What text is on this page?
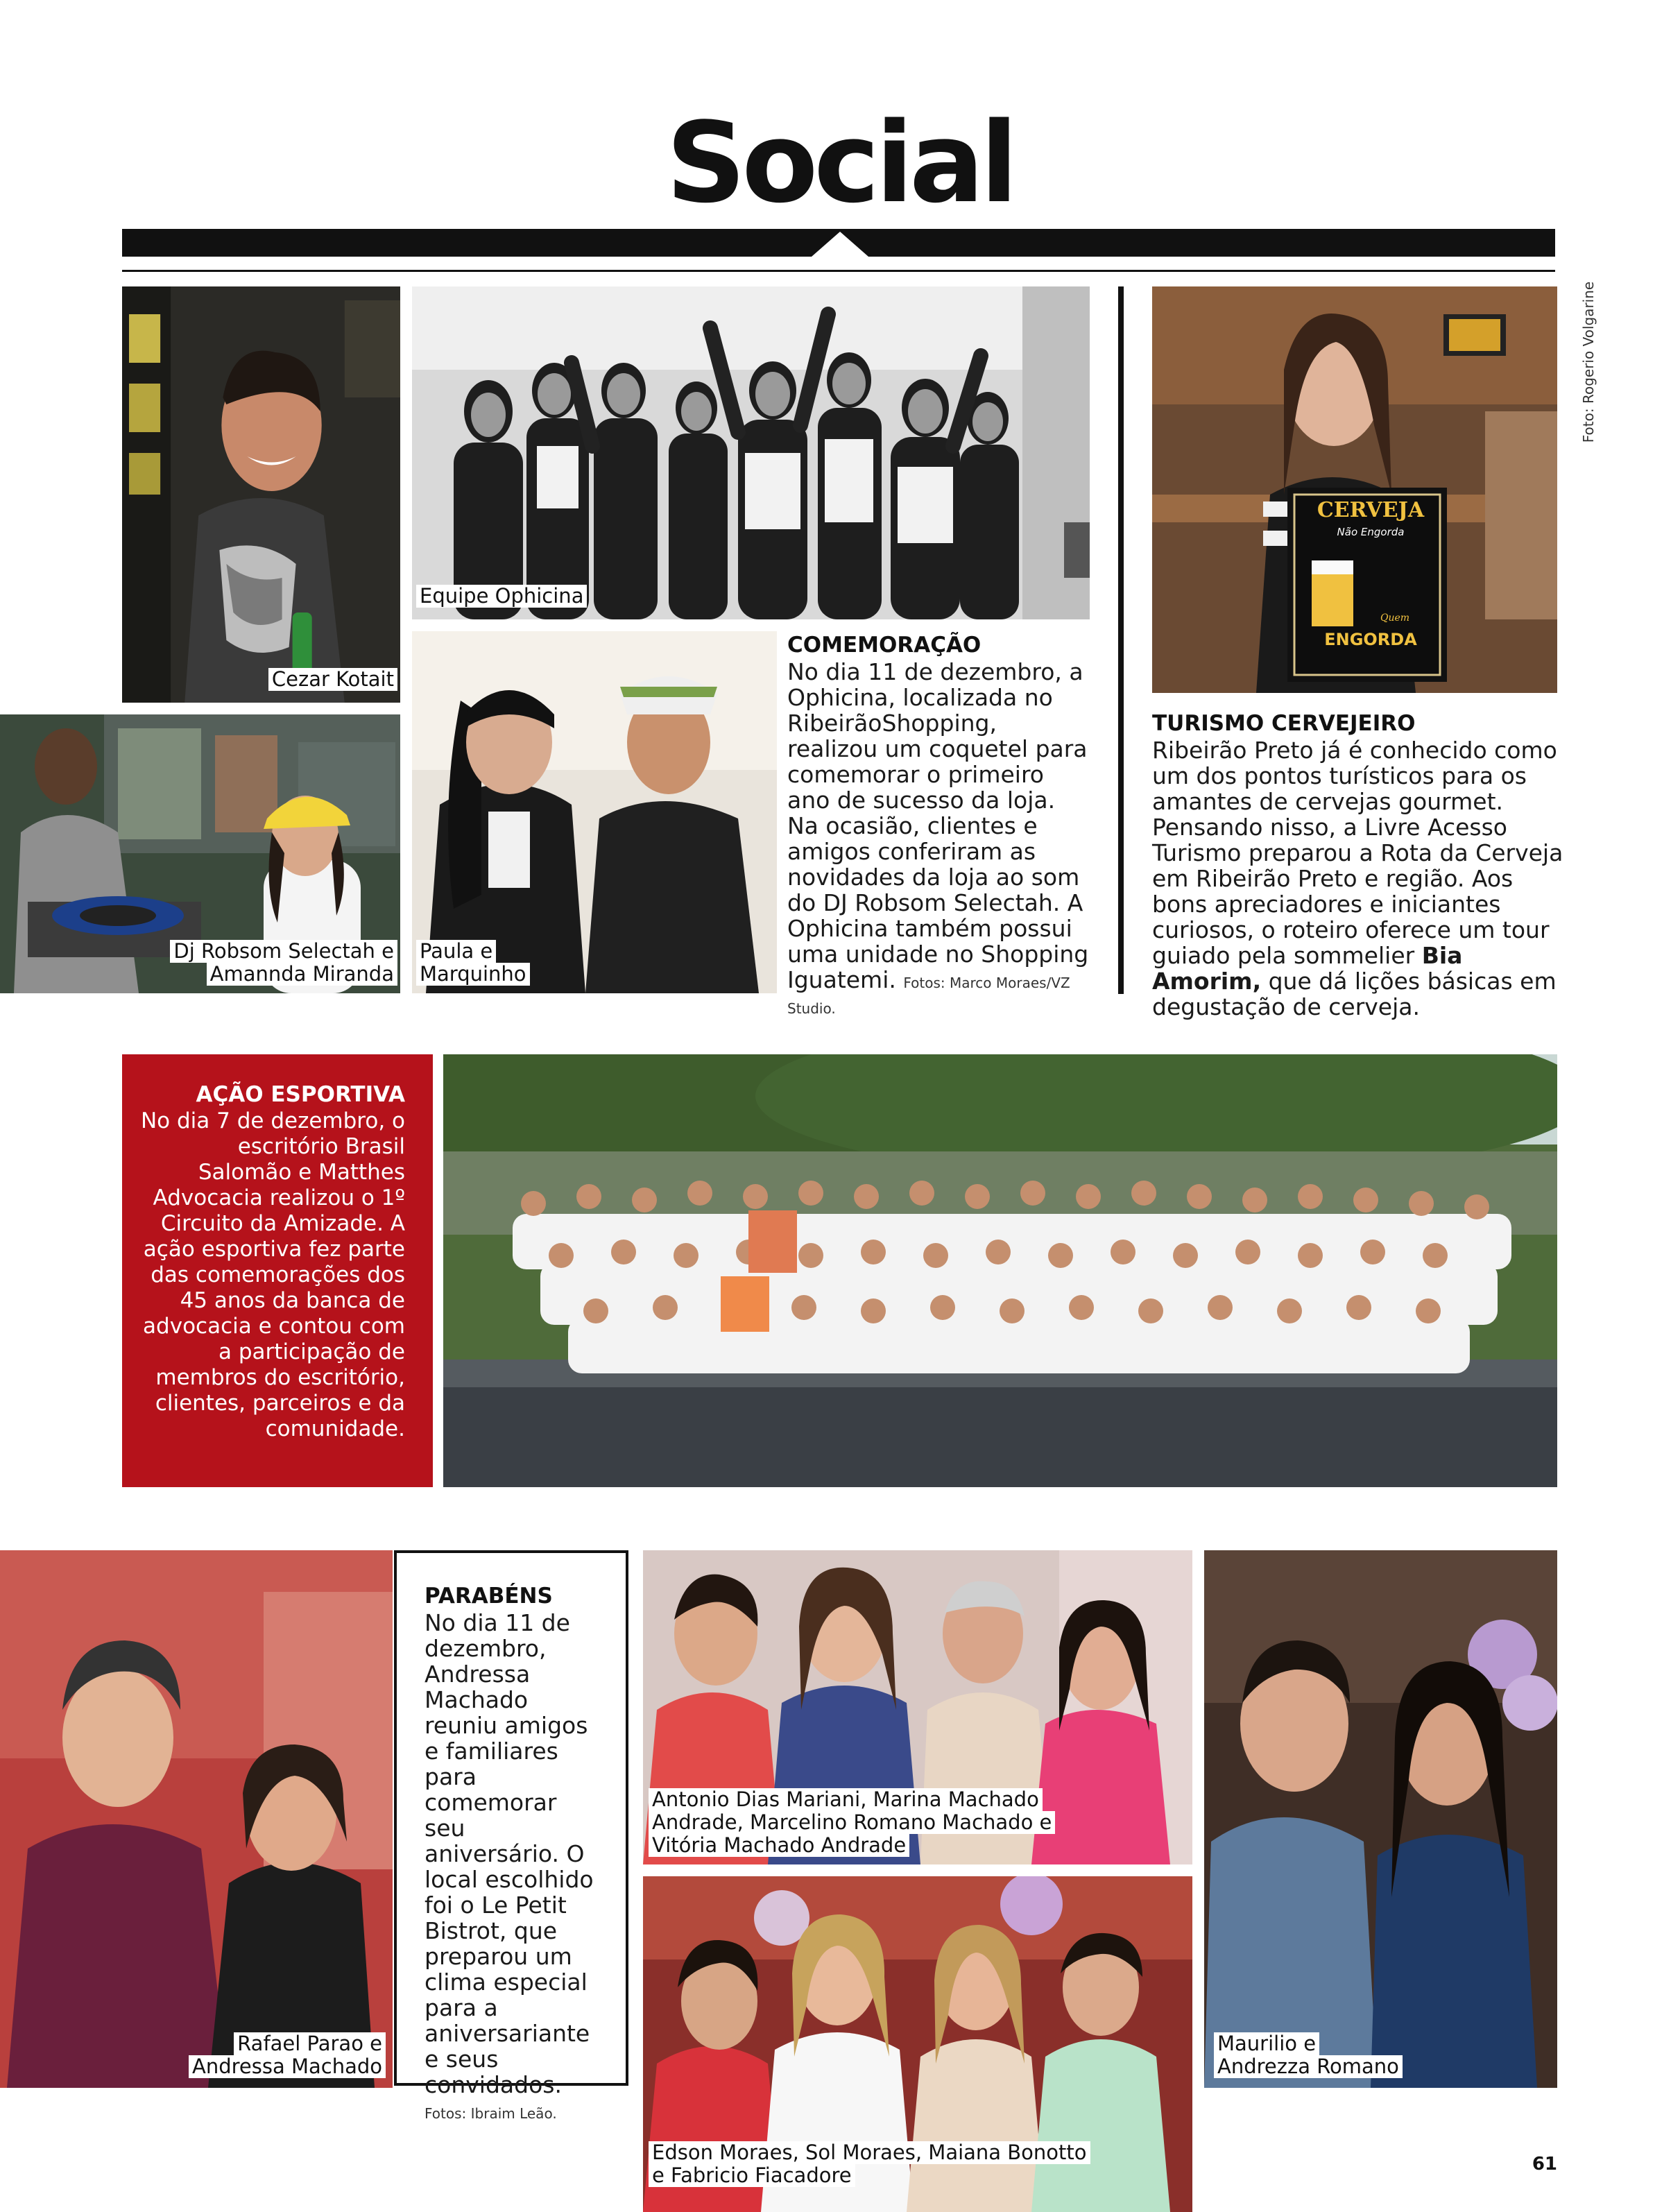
Social
Cezar Kotait
Equipe Ophicina
Dj Robsom Selectah e
Amannda Miranda
Paula e
Marquinho
COMEMORAÇÃO
No dia 11 de dezembro, a Ophicina, localizada no RibeirãoShopping, realizou um coquetel para comemorar o primeiro ano de sucesso da loja. Na ocasião, clientes e amigos conferiram as novidades da loja ao som do DJ Robsom Selectah. A Ophicina também possui uma unidade no Shopping Iguatemi. Fotos: Marco Moraes/VZ Studio.
CERVEJA
Não Engorda
Quem
ENGORDA
Foto: Rogerio Volgarine
TURISMO CERVEJEIRO
Ribeirão Preto já é conhecido como um dos pontos turísticos para os amantes de cervejas gourmet. Pensando nisso, a Livre Acesso Turismo preparou a Rota da Cerveja em Ribeirão Preto e região. Aos bons apreciadores e iniciantes curiosos, o roteiro oferece um tour guiado pela sommelier Bia Amorim, que dá lições básicas em degustação de cerveja.
AÇÃO ESPORTIVA
No dia 7 de dezembro, o escritório Brasil Salomão e Matthes Advocacia realizou o 1º Circuito da Amizade. A ação esportiva fez parte das comemorações dos 45 anos da banca de advocacia e contou com a participação de membros do escritório, clientes, parceiros e da comunidade.
Rafael Parao e
Andressa Machado
PARABÉNS
No dia 11 de dezembro, Andressa Machado reuniu amigos e familiares para comemorar seu aniversário. O local escolhido foi o Le Petit Bistrot, que preparou um clima especial para a aniversariante e seus convidados.
Fotos: Ibraim Leão.
Antonio Dias Mariani, Marina Machado
Andrade, Marcelino Romano Machado e
Vitória Machado Andrade
Edson Moraes, Sol Moraes, Maiana Bonotto
e Fabricio Fiacadore
Maurilio e
Andrezza Romano
61
